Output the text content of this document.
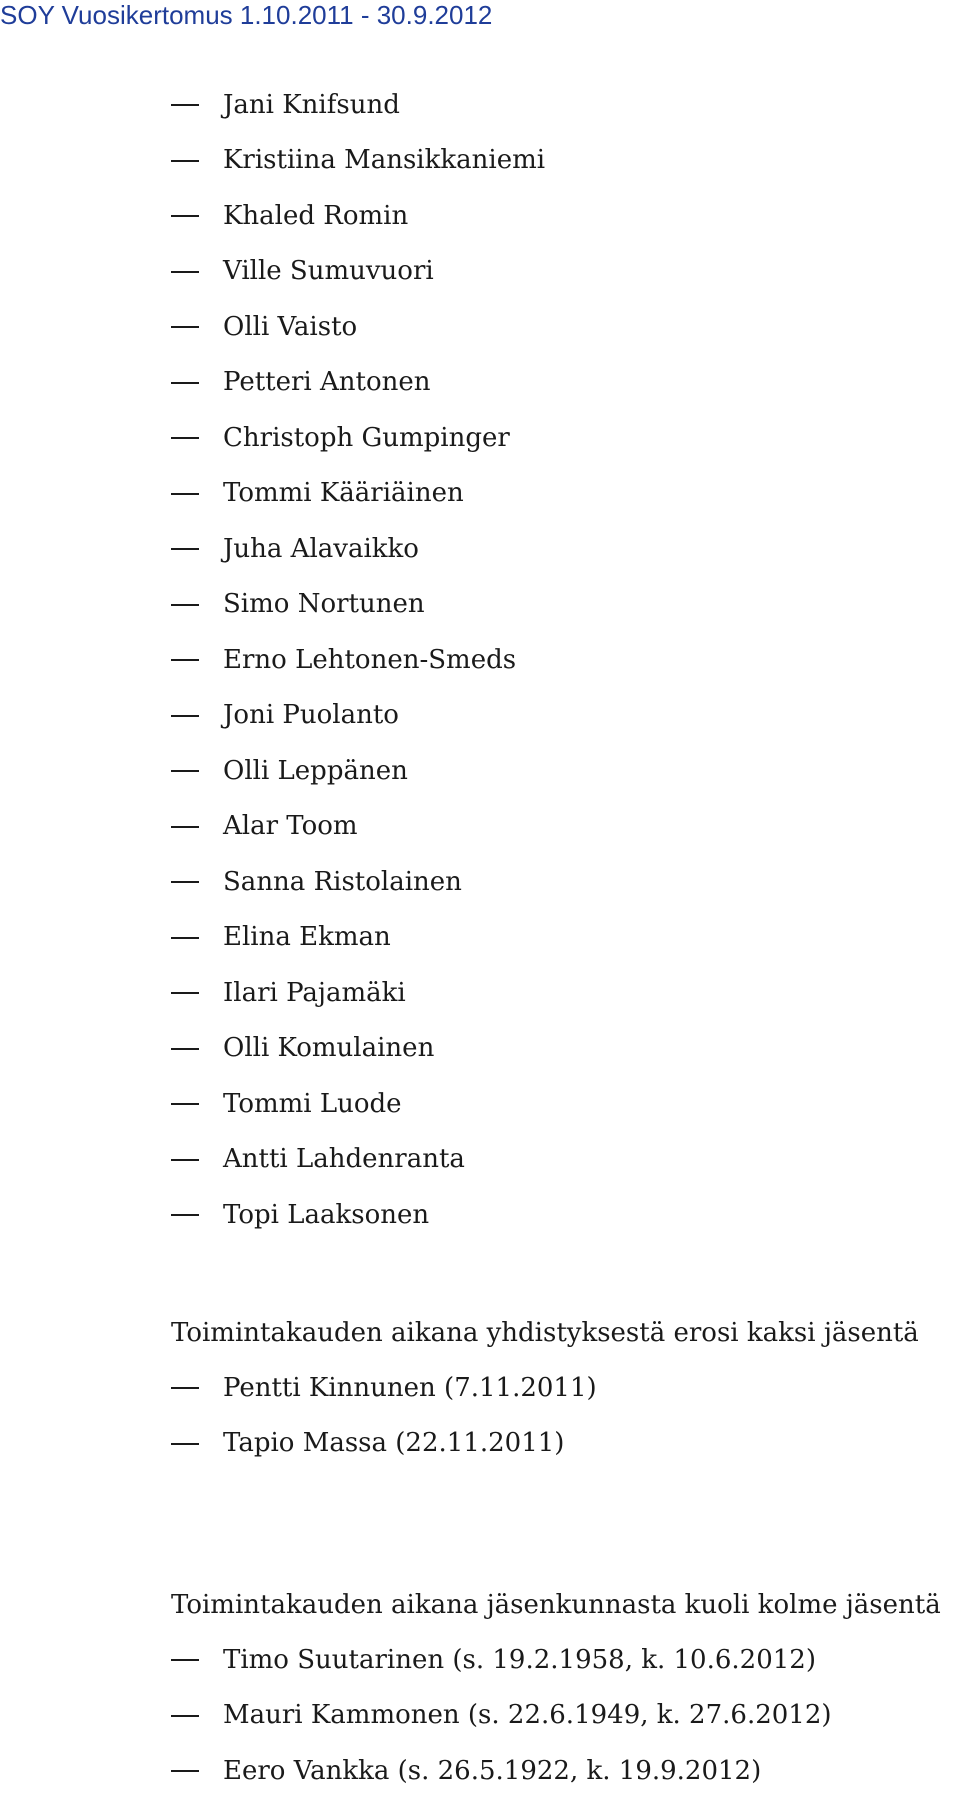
SOY Vuosikertomus 1.10.2011 - 30.9.2012
Jani Knifsund
Kristiina Mansikkaniemi
Khaled Romin
Ville Sumuvuori
Olli Vaisto
Petteri Antonen
Christoph Gumpinger
Tommi Kääriäinen
Juha Alavaikko
Simo Nortunen
Erno Lehtonen-Smeds
Joni Puolanto
Olli Leppänen
Alar Toom
Sanna Ristolainen
Elina Ekman
Ilari Pajamäki
Olli Komulainen
Tommi Luode
Antti Lahdenranta
Topi Laaksonen
Toimintakauden aikana yhdistyksestä erosi kaksi jäsentä
Pentti Kinnunen (7.11.2011)
Tapio Massa (22.11.2011)
Toimintakauden aikana jäsenkunnasta kuoli kolme jäsentä
Timo Suutarinen (s. 19.2.1958, k. 10.6.2012)
Mauri Kammonen (s. 22.6.1949, k. 27.6.2012)
Eero Vankka (s. 26.5.1922, k. 19.9.2012)
